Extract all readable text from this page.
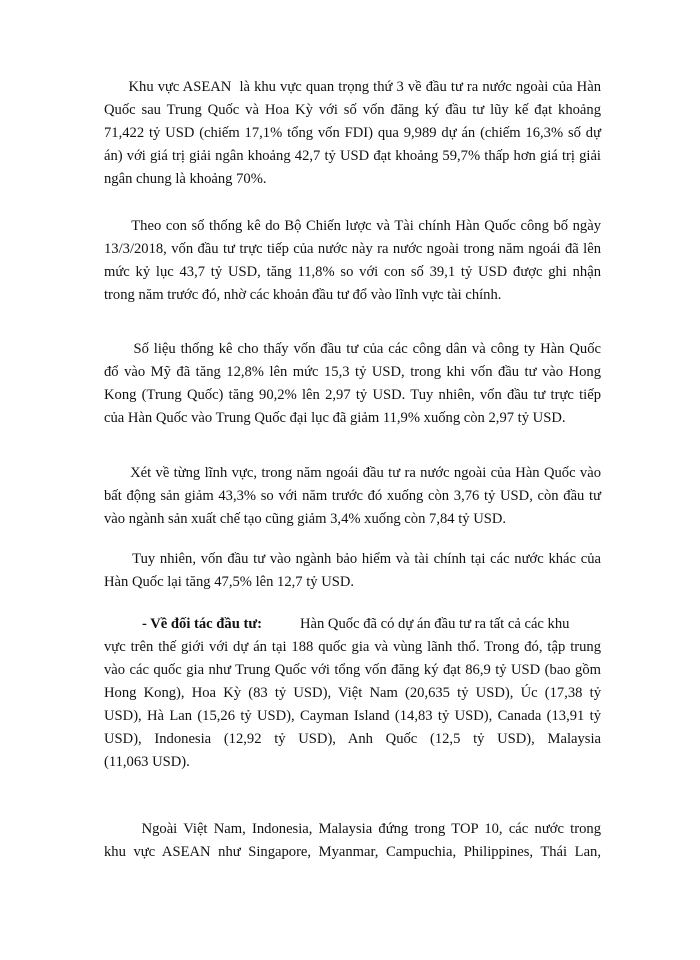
Khu vực ASEAN  là khu vực quan trọng thứ 3 về đầu tư ra nước ngoài của Hàn
Quốc sau Trung Quốc và Hoa Kỳ với số vốn đăng ký đầu tư lũy kế đạt khoảng
71,422 tỷ USD (chiếm 17,1% tổng vốn FDI) qua 9,989 dự án (chiếm 16,3% số dự
án) với giá trị giải ngân khoảng 42,7 tỷ USD đạt khoảng 59,7% thấp hơn giá trị giải
ngân chung là khoảng 70%.
Theo con số thống kê do Bộ Chiến lược và Tài chính Hàn Quốc công bố ngày
13/3/2018, vốn đầu tư trực tiếp của nước này ra nước ngoài trong năm ngoái đã lên
mức kỷ lục 43,7 tỷ USD, tăng 11,8% so với con số 39,1 tỷ USD được ghi nhận
trong năm trước đó, nhờ các khoản đầu tư đổ vào lĩnh vực tài chính.
Số liệu thống kê cho thấy vốn đầu tư của các công dân và công ty Hàn Quốc
đổ vào Mỹ đã tăng 12,8% lên mức 15,3 tỷ USD, trong khi vốn đầu tư vào Hong
Kong (Trung Quốc) tăng 90,2% lên 2,97 tỷ USD. Tuy nhiên, vốn đầu tư trực tiếp
của Hàn Quốc vào Trung Quốc đại lục đã giảm 11,9% xuống còn 2,97 tỷ USD.
Xét về từng lĩnh vực, trong năm ngoái đầu tư ra nước ngoài của Hàn Quốc vào
bất động sản giảm 43,3% so với năm trước đó xuống còn 3,76 tỷ USD, còn đầu tư
vào ngành sản xuất chế tạo cũng giảm 3,4% xuống còn 7,84 tỷ USD.
Tuy nhiên, vốn đầu tư vào ngành bảo hiểm và tài chính tại các nước khác của
Hàn Quốc lại tăng 47,5% lên 12,7 tỷ USD.
- Về đối tác đầu tư:	Hàn Quốc đã có dự án đầu tư ra tất cả các khu
vực trên thế giới với dự án tại 188 quốc gia và vùng lãnh thổ. Trong đó, tập trung
vào các quốc gia như Trung Quốc với tổng vốn đăng ký đạt 86,9 tỷ USD (bao gồm
Hong Kong), Hoa Kỳ (83 tỷ USD), Việt Nam (20,635 tỷ USD), Úc (17,38 tỷ
USD), Hà Lan (15,26 tỷ USD), Cayman Island (14,83 tỷ USD), Canada (13,91 tỷ
USD), Indonesia (12,92 tỷ USD), Anh Quốc (12,5 tỷ USD), Malaysia
(11,063 USD).
Ngoài Việt Nam, Indonesia, Malaysia đứng trong TOP 10, các nước trong
khu vực ASEAN như Singapore, Myanmar, Campuchia, Philippines, Thái Lan,
